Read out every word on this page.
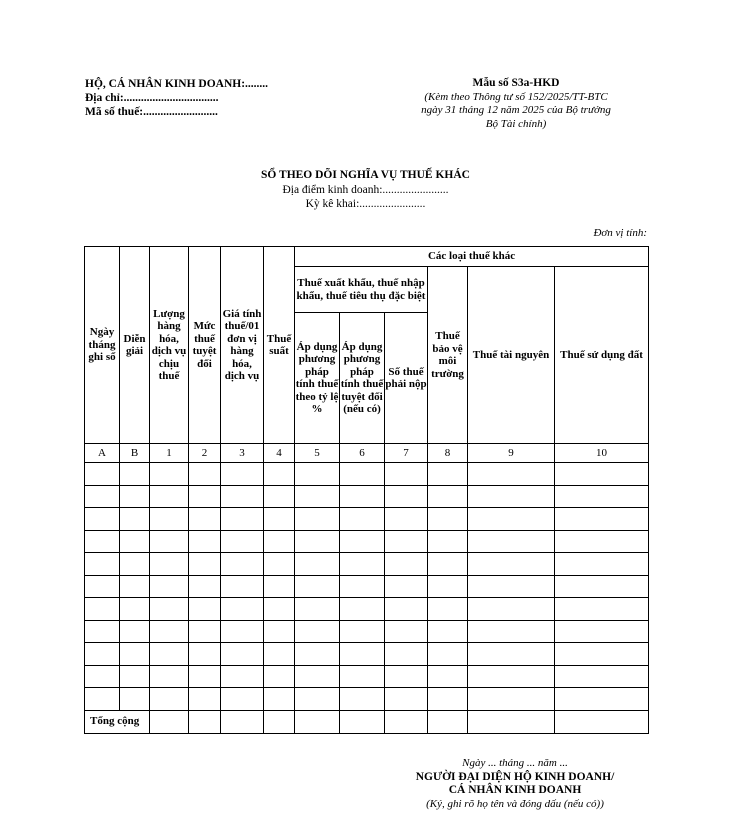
HỘ, CÁ NHÂN KINH DOANH:........
Địa chỉ:.................................
Mã số thuế:..........................
Mẫu số S3a-HKD
(Kèm theo Thông tư số 152/2025/TT-BTC
ngày 31 tháng 12 năm 2025 của Bộ trưởng
Bộ Tài chính)
SỔ THEO DÕI NGHĨA VỤ THUẾ KHÁC
Địa điểm kinh doanh:.......................
Kỳ kê khai:.......................
Đơn vị tính:
Ngày tháng ghi sổ	Diễn giải	Lượng hàng hóa, dịch vụ chịu thuế	Mức thuế tuyệt đối	Giá tính thuế/01 đơn vị hàng hóa, dịch vụ	Thuế suất	Các loại thuế khác					
						Thuế xuất khẩu, thuế nhập khẩu, thuế tiêu thụ đặc biệt			Thuế bảo vệ môi trường	Thuế tài nguyên	Thuế sử dụng đất
						Áp dụng phương pháp tính thuế theo tỷ lệ %	Áp dụng phương pháp tính thuế tuyệt đối (nếu có)	Số thuế phải nộp			
A	B	1	2	3	4	5	6	7	8	9	10

Tổng cộng											
Ngày ... tháng ... năm ...
NGƯỜI ĐẠI DIỆN HỘ KINH DOANH/
CÁ NHÂN KINH DOANH
(Ký, ghi rõ họ tên và đóng dấu (nếu có))
